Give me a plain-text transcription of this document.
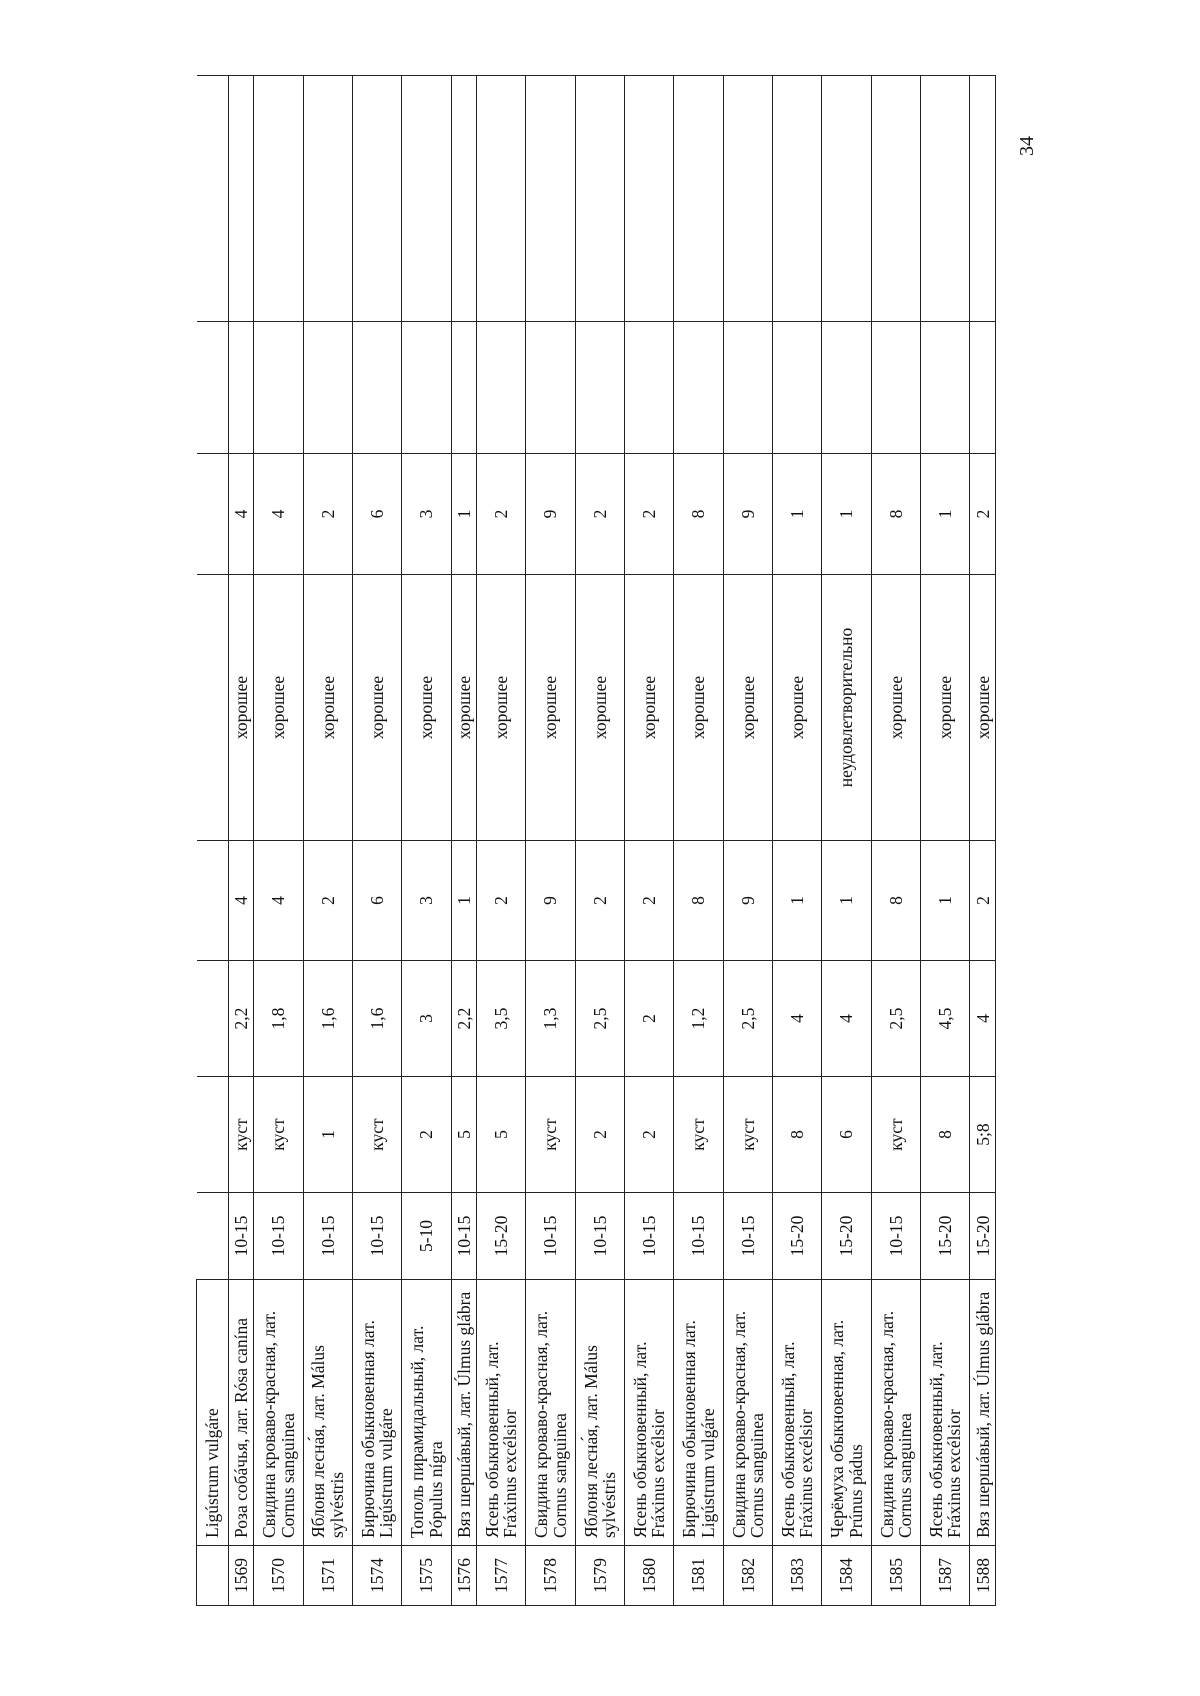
	Ligústrum vulgáre								
1569	Роза собáчья, лат. Rósa canína	10-15	куст	2,2	4	хорошее	4		
1570	Свидина кроваво-красная, лат. Cornus sanguinea	10-15	куст	1,8	4	хорошее	4		
1571	Яблоня лесна́я, лат. Málus sylvéstris	10-15	1	1,6	2	хорошее	2		
1574	Бирючина обыкновенная лат. Ligústrum vulgáre	10-15	куст	1,6	6	хорошее	6		
1575	Тополь пирамидальный, лат. Pópulus nígra	5-10	2	3	3	хорошее	3		
1576	Вяз шершáвый, лат. Úlmus glábra	10-15	5	2,2	1	хорошее	1		
1577	Ясень обыкновенный, лат. Fráxinus excélsior	15-20	5	3,5	2	хорошее	2		
1578	Свидина кроваво-красная, лат. Cornus sanguinea	10-15	куст	1,3	9	хорошее	9		
1579	Яблоня лесна́я, лат. Málus sylvéstris	10-15	2	2,5	2	хорошее	2		
1580	Ясень обыкновенный, лат. Fráxinus excélsior	10-15	2	2	2	хорошее	2		
1581	Бирючина обыкновенная лат. Ligústrum vulgáre	10-15	куст	1,2	8	хорошее	8		
1582	Свидина кроваво-красная, лат. Cornus sanguinea	10-15	куст	2,5	9	хорошее	9		
1583	Ясень обыкновенный, лат. Fráxinus excélsior	15-20	8	4	1	хорошее	1		
1584	Черёмуха обыкновенная, лат. Prúnus pádus	15-20	6	4	1	неудовлетворительно	1		
1585	Свидина кроваво-красная, лат. Cornus sanguinea	10-15	куст	2,5	8	хорошее	8		
1587	Ясень обыкновенный, лат. Fráxinus excélsior	15-20	8	4,5	1	хорошее	1		
1588	Вяз шершáвый, лат. Úlmus glábra	15-20	5;8	4	2	хорошее	2		
34
